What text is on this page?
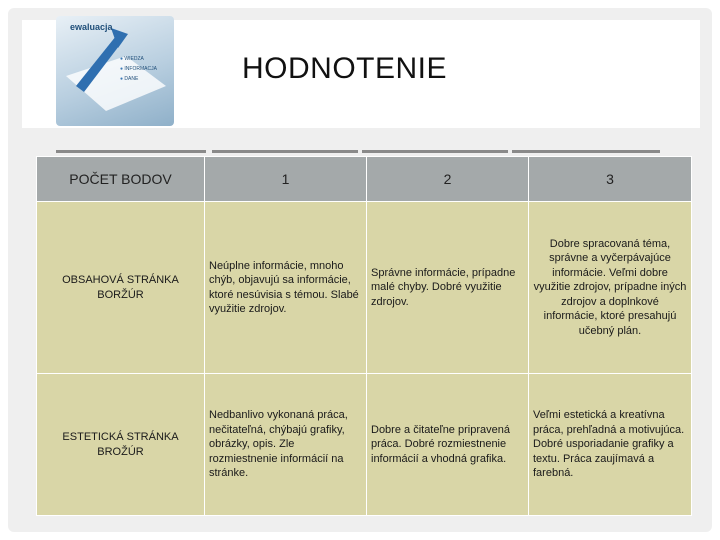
ewaluacja
● WIEDZA
● INFORMACJA
● DANE	HODNOTENIE
POČET BODOV	1	2	3
OBSAHOVÁ STRÁNKA BORŽÚR	Neúplne informácie, mnoho chýb, objavujú sa informácie, ktoré nesúvisia s témou. Slabé využitie zdrojov.	Správne informácie, prípadne malé chyby. Dobré využitie zdrojov.	Dobre spracovaná téma, správne a vyčerpávajúce informácie. Veľmi dobre využitie zdrojov, prípadne iných zdrojov a doplnkové informácie, ktoré presahujú učebný plán.
ESTETICKÁ STRÁNKA BROŽÚR	Nedbanlivo vykonaná práca, nečitateľná, chýbajú grafiky, obrázky, opis. Zle rozmiestnenie informácií na stránke.	Dobre a čitateľne pripravená práca. Dobré rozmiestnenie informácií a vhodná grafika.	Veľmi estetická a kreatívna práca, prehľadná a motivujúca. Dobré usporiadanie grafiky a textu. Práca zaujímavá a farebná.
